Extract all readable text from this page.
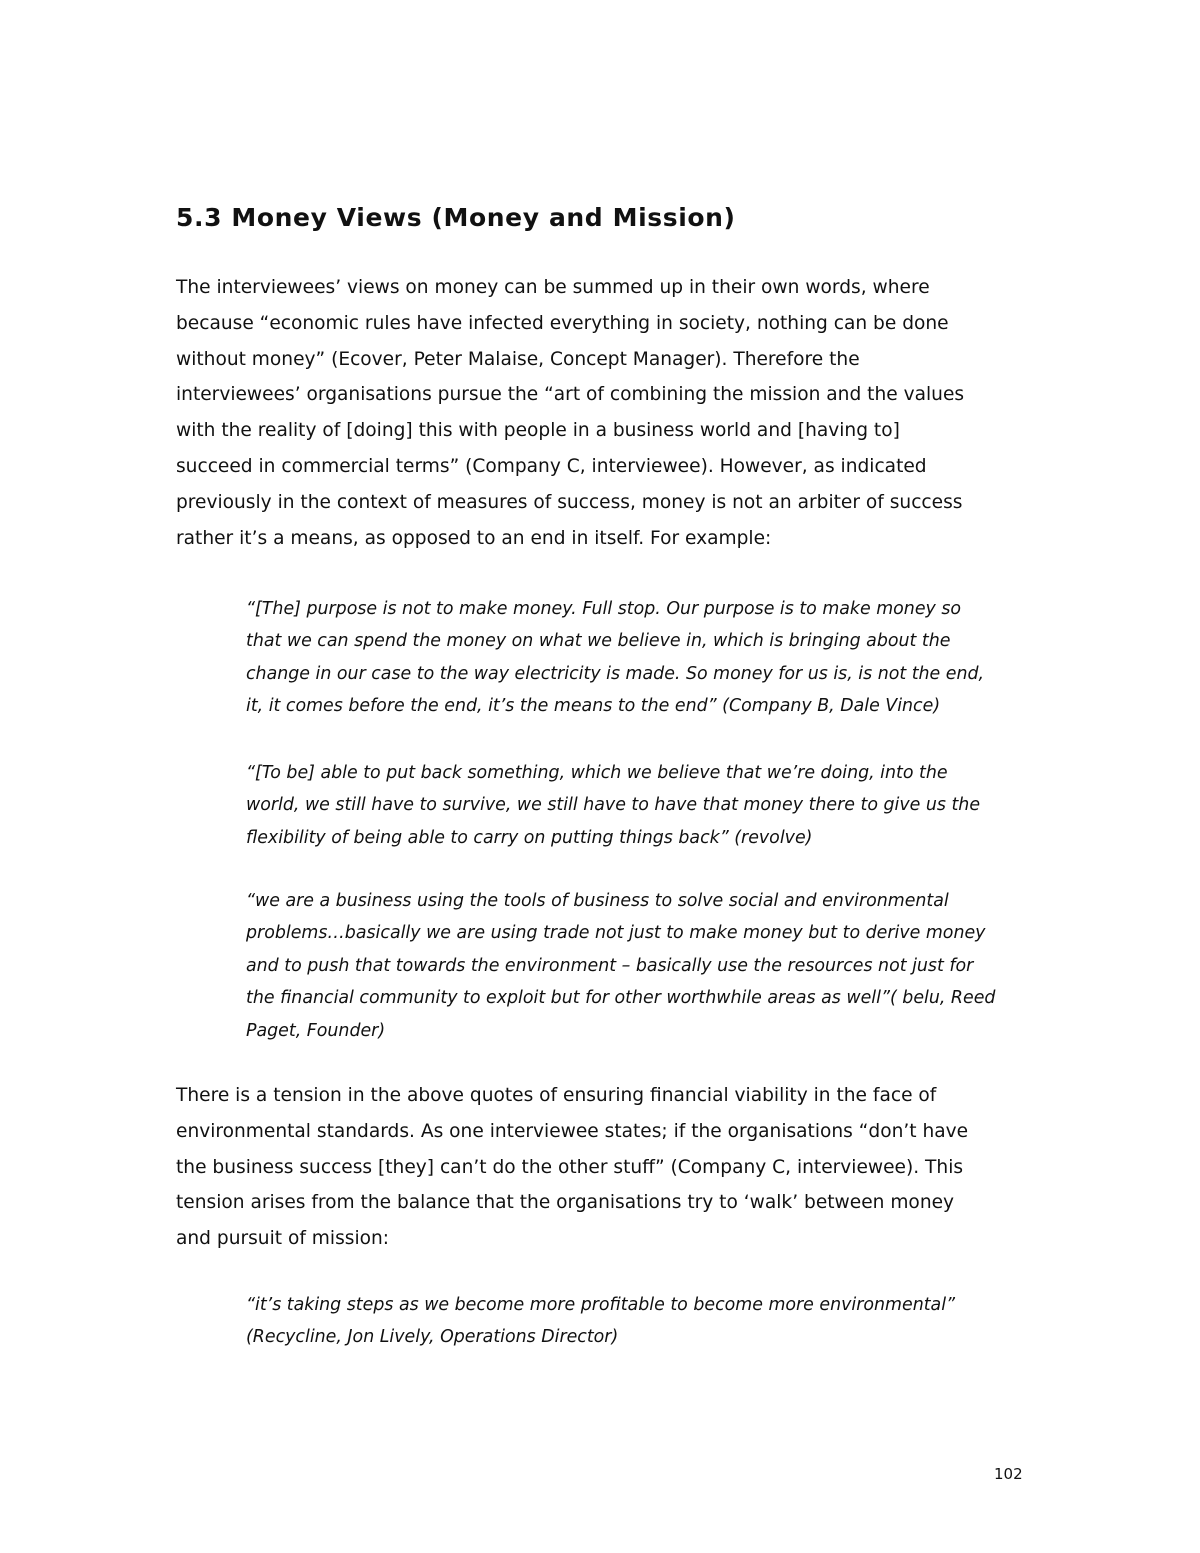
5.3 Money Views (Money and Mission)

The interviewees’ views on money can be summed up in their own words, where
because “economic rules have infected everything in society, nothing can be done
without money” (Ecover, Peter Malaise, Concept Manager). Therefore the
interviewees’ organisations pursue the “art of combining the mission and the values
with the reality of [doing] this with people in a business world and [having to]
succeed in commercial terms” (Company C, interviewee). However, as indicated
previously in the context of measures of success, money is not an arbiter of success
rather it’s a means, as opposed to an end in itself. For example:

“[The] purpose is not to make money. Full stop. Our purpose is to make money so
that we can spend the money on what we believe in, which is bringing about the
change in our case to the way electricity is made. So money for us is, is not the end,
it, it comes before the end, it’s the means to the end” (Company B, Dale Vince)
“[To be] able to put back something, which we believe that we’re doing, into the
world, we still have to survive, we still have to have that money there to give us the
flexibility of being able to carry on putting things back” (revolve)
“we are a business using the tools of business to solve social and environmental
problems…basically we are using trade not just to make money but to derive money
and to push that towards the environment – basically use the resources not just for
the financial community to exploit but for other worthwhile areas as well”( belu, Reed
Paget, Founder)

There is a tension in the above quotes of ensuring financial viability in the face of
environmental standards. As one interviewee states; if the organisations “don’t have
the business success [they] can’t do the other stuff” (Company C, interviewee). This
tension arises from the balance that the organisations try to ‘walk’ between money
and pursuit of mission:

“it’s taking steps as we become more profitable to become more environmental”
(Recycline, Jon Lively, Operations Director)
102
